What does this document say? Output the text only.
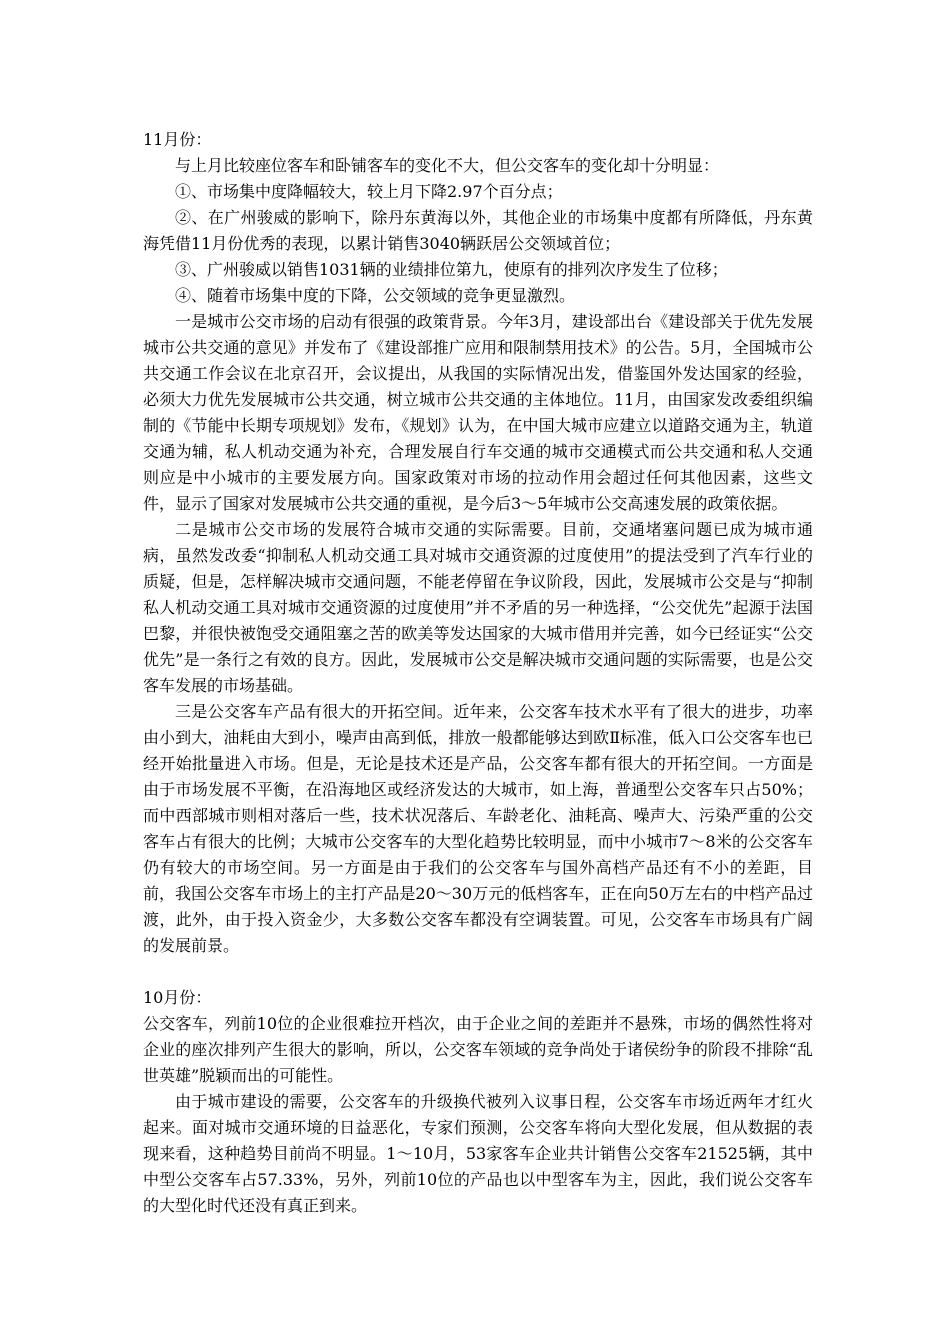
11月份：

与上月比较座位客车和卧铺客车的变化不大，但公交客车的变化却十分明显：

①、市场集中度降幅较大，较上月下降2.97个百分点；

②、在广州骏威的影响下，除丹东黄海以外，其他企业的市场集中度都有所降低，丹东黄海凭借11月份优秀的表现，以累计销售3040辆跃居公交领域首位；

③、广州骏威以销售1031辆的业绩排位第九，使原有的排列次序发生了位移；

④、随着市场集中度的下降，公交领域的竞争更显激烈。

一是城市公交市场的启动有很强的政策背景。今年3月，建设部出台《建设部关于优先发展城市公共交通的意见》并发布了《建设部推广应用和限制禁用技术》的公告。5月，全国城市公共交通工作会议在北京召开，会议提出，从我国的实际情况出发，借鉴国外发达国家的经验，必须大力优先发展城市公共交通，树立城市公共交通的主体地位。11月，由国家发改委组织编制的《节能中长期专项规划》发布，《规划》认为，在中国大城市应建立以道路交通为主，轨道交通为辅，私人机动交通为补充，合理发展自行车交通的城市交通模式而公共交通和私人交通则应是中小城市的主要发展方向。国家政策对市场的拉动作用会超过任何其他因素，这些文件，显示了国家对发展城市公共交通的重视，是今后3～5年城市公交高速发展的政策依据。

二是城市公交市场的发展符合城市交通的实际需要。目前，交通堵塞问题已成为城市通病，虽然发改委“抑制私人机动交通工具对城市交通资源的过度使用”的提法受到了汽车行业的质疑，但是，怎样解决城市交通问题，不能老停留在争议阶段，因此，发展城市公交是与“抑制私人机动交通工具对城市交通资源的过度使用”并不矛盾的另一种选择，“公交优先”起源于法国巴黎，并很快被饱受交通阻塞之苦的欧美等发达国家的大城市借用并完善，如今已经证实“公交优先”是一条行之有效的良方。因此，发展城市公交是解决城市交通问题的实际需要，也是公交客车发展的市场基础。

三是公交客车产品有很大的开拓空间。近年来，公交客车技术水平有了很大的进步，功率由小到大，油耗由大到小，噪声由高到低，排放一般都能够达到欧Ⅱ标准，低入口公交客车也已经开始批量进入市场。但是，无论是技术还是产品，公交客车都有很大的开拓空间。一方面是由于市场发展不平衡，在沿海地区或经济发达的大城市，如上海，普通型公交客车只占50%；而中西部城市则相对落后一些，技术状况落后、车龄老化、油耗高、噪声大、污染严重的公交客车占有很大的比例；大城市公交客车的大型化趋势比较明显，而中小城市7～8米的公交客车仍有较大的市场空间。另一方面是由于我们的公交客车与国外高档产品还有不小的差距，目前，我国公交客车市场上的主打产品是20～30万元的低档客车，正在向50万左右的中档产品过渡，此外，由于投入资金少，大多数公交客车都没有空调装置。可见，公交客车市场具有广阔的发展前景。

10月份：

公交客车，列前10位的企业很难拉开档次，由于企业之间的差距并不悬殊，市场的偶然性将对企业的座次排列产生很大的影响，所以，公交客车领域的竞争尚处于诸侯纷争的阶段不排除“乱世英雄”脱颖而出的可能性。

由于城市建设的需要，公交客车的升级换代被列入议事日程，公交客车市场近两年才红火起来。面对城市交通环境的日益恶化，专家们预测，公交客车将向大型化发展，但从数据的表现来看，这种趋势目前尚不明显。1～10月，53家客车企业共计销售公交客车21525辆，其中中型公交客车占57.33%，另外，列前10位的产品也以中型客车为主，因此，我们说公交客车的大型化时代还没有真正到来。
